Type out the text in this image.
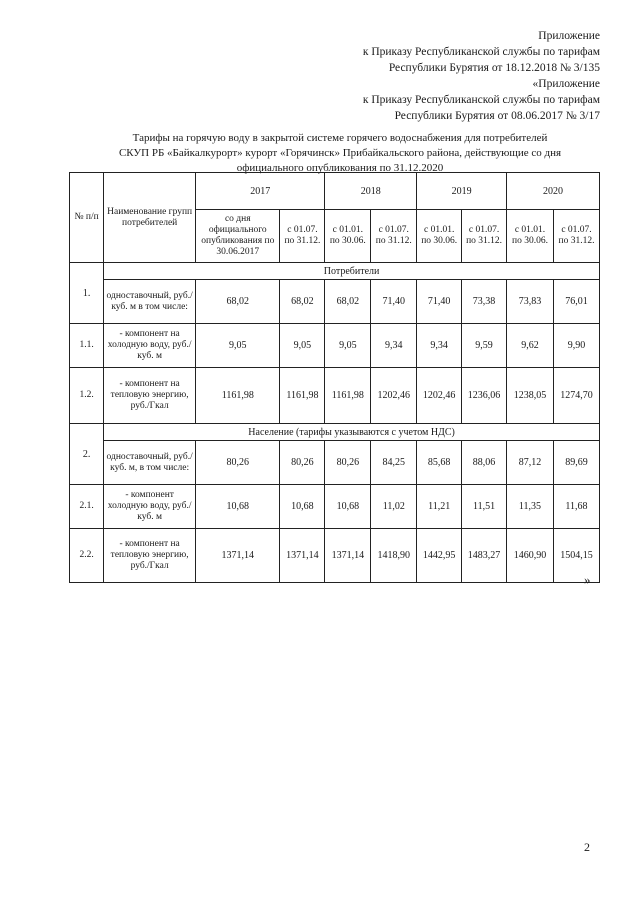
Приложение
к Приказу Республиканской службы по тарифам
Республики Бурятия от 18.12.2018 № 3/135
«Приложение
к Приказу Республиканской службы по тарифам
Республики Бурятия от 08.06.2017 № 3/17
Тарифы на горячую воду в закрытой системе горячего водоснабжения для потребителей
СКУП РБ «Байкалкурорт» курорт «Горячинск» Прибайкальского района, действующие со дня
официального опубликования по 31.12.2020
№ п/п	Наименование групп потребителей	2017		2018		2019		2020	
		со дня официального опубликования по 30.06.2017	с 01.07. по 31.12.	с 01.01. по 30.06.	с 01.07. по 31.12.	с 01.01. по 30.06.	с 01.07. по 31.12.	с 01.01. по 30.06.	с 01.07. по 31.12.
1.	Потребители								
	одноставочный, руб./ куб. м в том числе:	68,02	68,02	68,02	71,40	71,40	73,38	73,83	76,01
1.1.	- компонент на холодную воду, руб./ куб. м	9,05	9,05	9,05	9,34	9,34	9,59	9,62	9,90
1.2.	- компонент на тепловую энергию, руб./Гкал	1161,98	1161,98	1161,98	1202,46	1202,46	1236,06	1238,05	1274,70
2.	Население (тарифы указываются с учетом НДС)								
	одноставочный, руб./ куб. м, в том числе:	80,26	80,26	80,26	84,25	85,68	88,06	87,12	89,69
2.1.	- компонент холодную воду, руб./ куб. м	10,68	10,68	10,68	11,02	11,21	11,51	11,35	11,68
2.2.	- компонент на тепловую энергию, руб./Гкал	1371,14	1371,14	1371,14	1418,90	1442,95	1483,27	1460,90	1504,15
»
2
